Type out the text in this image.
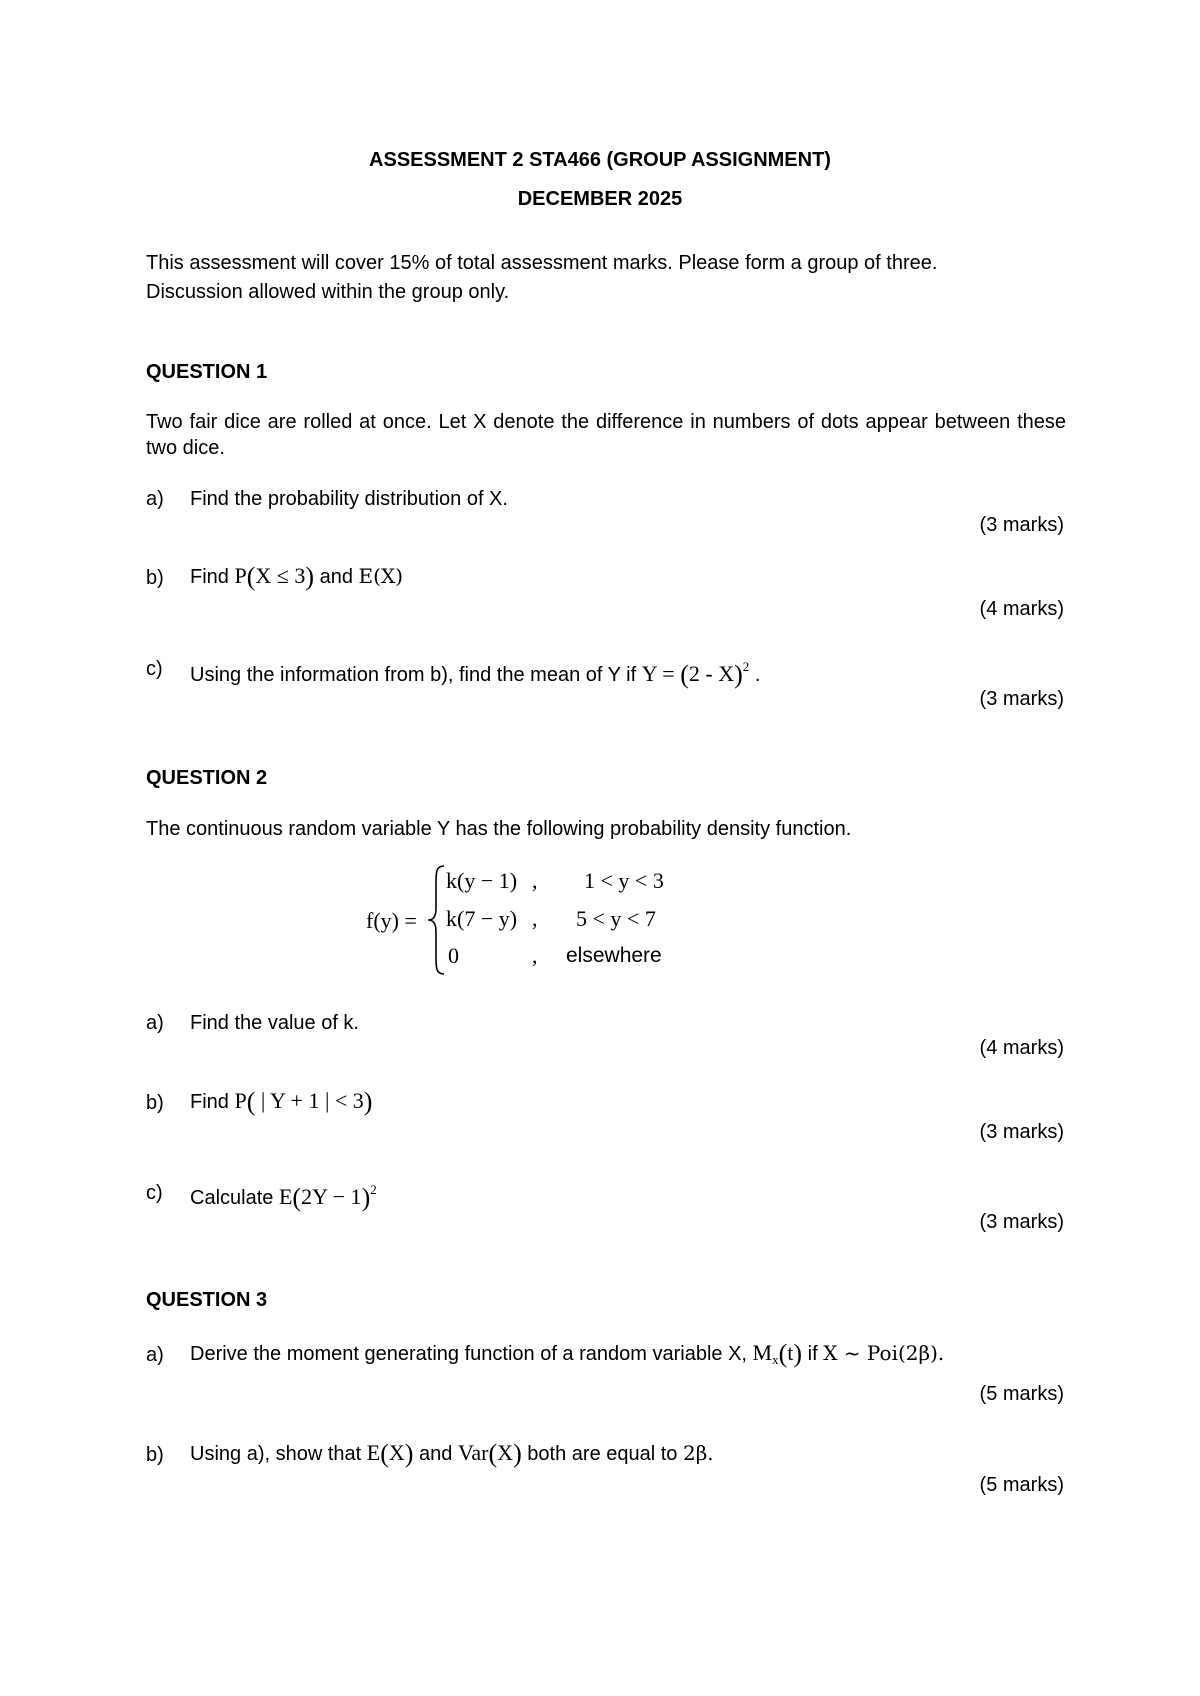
ASSESSMENT 2 STA466 (GROUP ASSIGNMENT)
DECEMBER 2025
This assessment will cover 15% of total assessment marks. Please form a group of three.
Discussion allowed within the group only.
QUESTION 1
Two fair dice are rolled at once. Let X denote the difference in numbers of dots appear between these two dice.
a) Find the probability distribution of X.
(3 marks)
b) Find P(X ≤ 3) and E(X)
(4 marks)
c) Using the information from b), find the mean of Y if Y = (2 - X)$^2$ .
(3 marks)
QUESTION 2
The continuous random variable Y has the following probability density function.
f(y) =
k(y − 1) , 1 < y < 3
k(7 − y) , 5 < y < 7
0	, elsewhere
a) Find the value of k.
(4 marks)
b) Find P( | Y + 1 | < 3)
(3 marks)
c) Calculate $E(2Y - 1)^2$
(3 marks)
QUESTION 3
a) Derive the moment generating function of a random variable X, $M_x(t)$ if X ~ Poi(2β).
(5 marks)
b) Using a), show that E(X) and Var(X) both are equal to 2β.
(5 marks)
